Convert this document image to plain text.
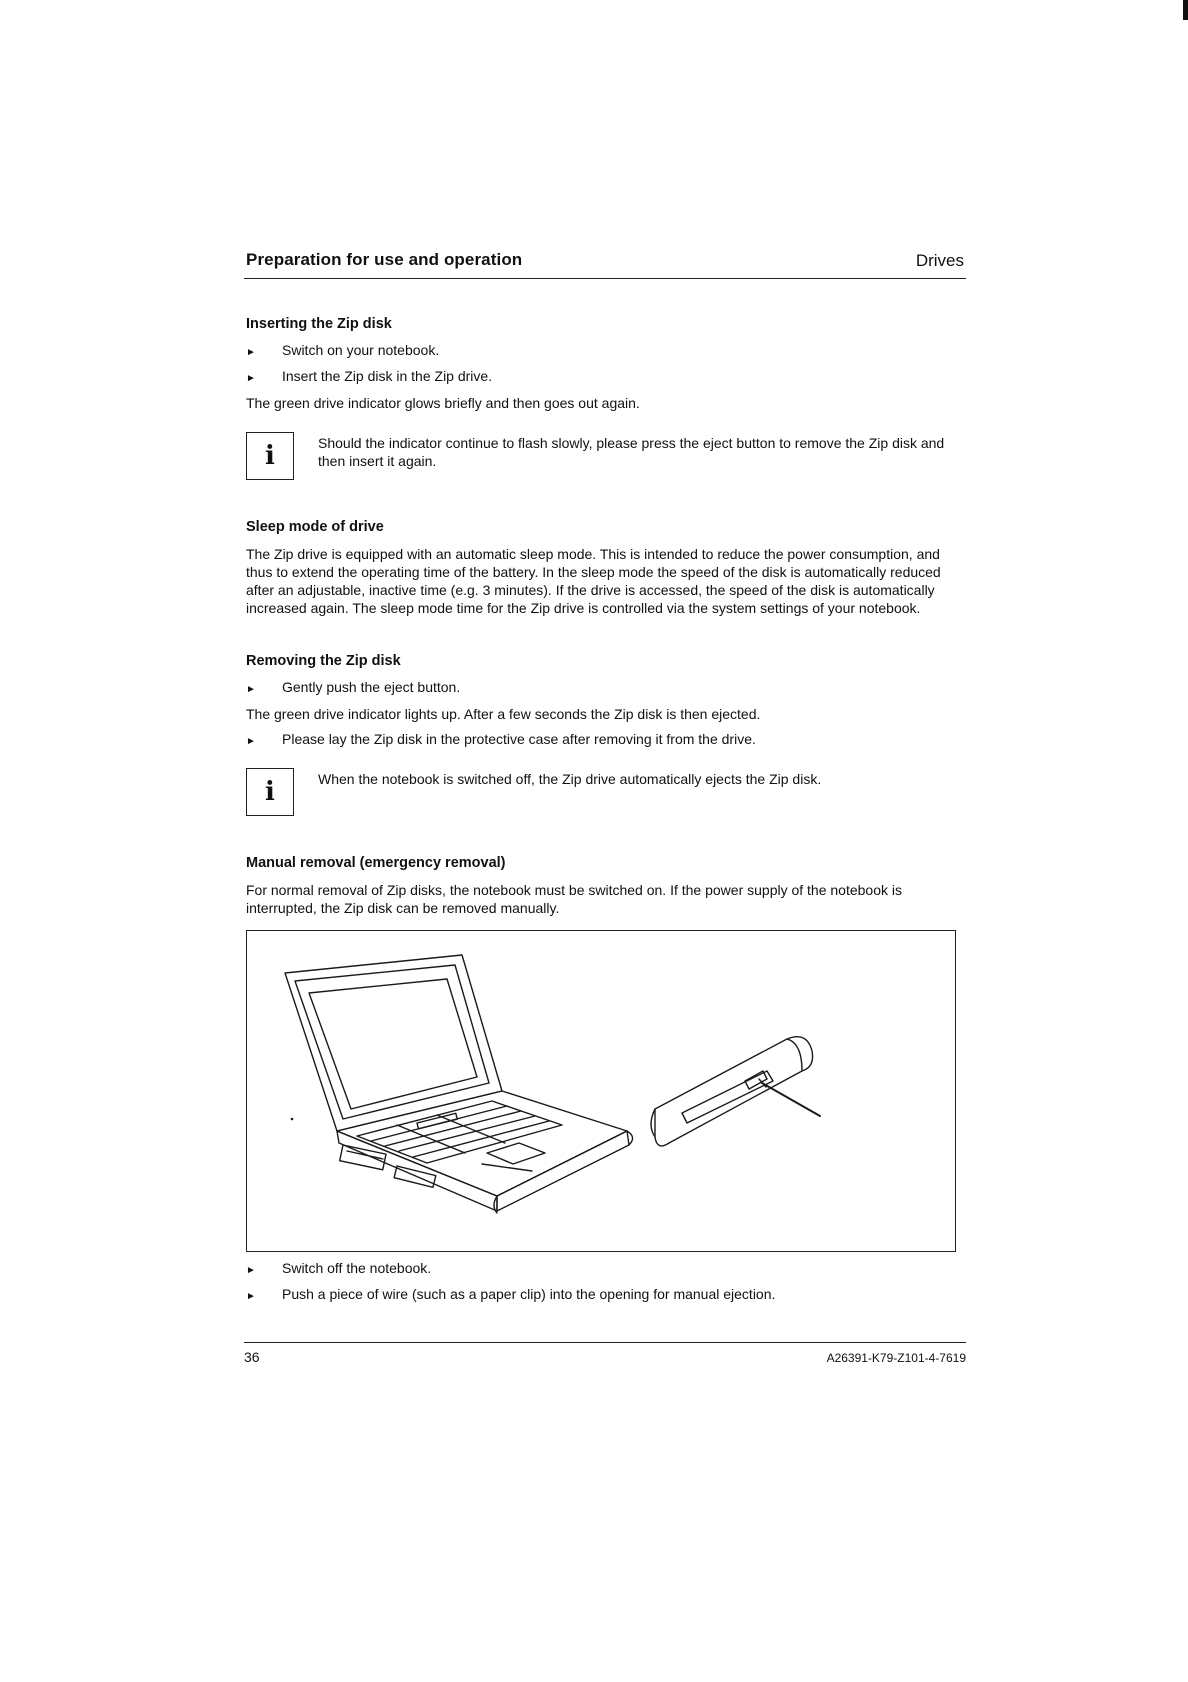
Preparation for use and operation	Drives
Inserting the Zip disk
►	Switch on your notebook.
►	Insert the Zip disk in the Zip drive.
The green drive indicator glows briefly and then goes out again.
i	Should the indicator continue to flash slowly, please press the eject button to remove the Zip disk and then insert it again.
Sleep mode of drive
The Zip drive is equipped with an automatic sleep mode. This is intended to reduce the power consumption, and thus to extend the operating time of the battery. In the sleep mode the speed of the disk is automatically reduced after an adjustable, inactive time (e.g. 3 minutes). If the drive is accessed, the speed of the disk is automatically increased again. The sleep mode time for the Zip drive is controlled via the system settings of your notebook.
Removing the Zip disk
►	Gently push the eject button.
The green drive indicator lights up. After a few seconds the Zip disk is then ejected.
►	Please lay the Zip disk in the protective case after removing it from the drive.
i	When the notebook is switched off, the Zip drive automatically ejects the Zip disk.
Manual removal (emergency removal)
For normal removal of Zip disks, the notebook must be switched on. If the power supply of the notebook is interrupted, the Zip disk can be removed manually.
►	Switch off the notebook.
►	Push a piece of wire (such as a paper clip) into the opening for manual ejection.
36	A26391-K79-Z101-4-7619
